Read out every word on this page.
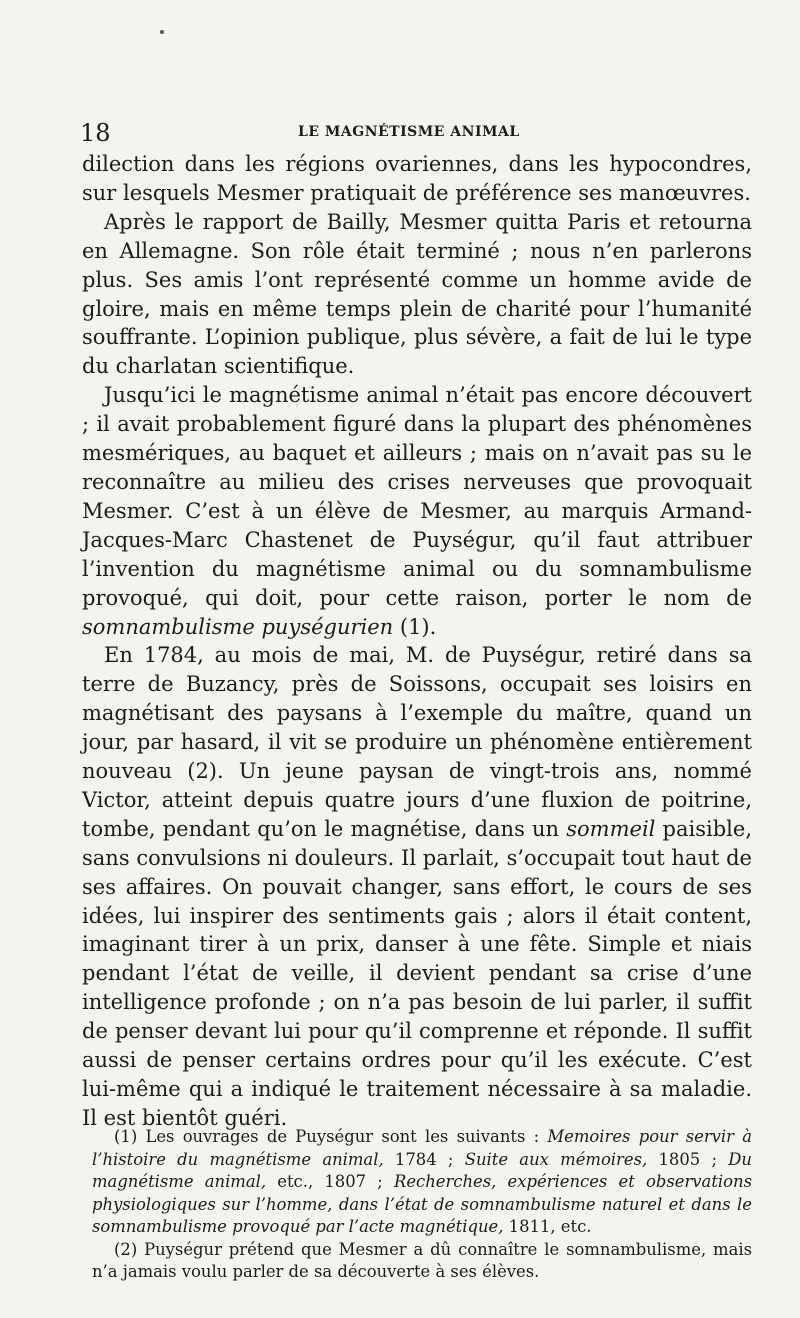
18	LE MAGNÉTISME ANIMAL

dilection dans les régions ovariennes, dans les hypocondres, sur lesquels Mesmer pratiquait de préférence ses manœuvres.

Après le rapport de Bailly, Mesmer quitta Paris et retourna en Allemagne. Son rôle était terminé ; nous n’en parlerons plus. Ses amis l’ont représenté comme un homme avide de gloire, mais en même temps plein de charité pour l’humanité souffrante. L’opinion publique, plus sévère, a fait de lui le type du charlatan scientifique.

Jusqu’ici le magnétisme animal n’était pas encore découvert ; il avait probablement figuré dans la plupart des phénomènes mesmériques, au baquet et ailleurs ; mais on n’avait pas su le reconnaître au milieu des crises nerveuses que provoquait Mesmer. C’est à un élève de Mesmer, au marquis Armand-Jacques-Marc Chastenet de Puységur, qu’il faut attribuer l’invention du magnétisme animal ou du somnambulisme provoqué, qui doit, pour cette raison, porter le nom de somnambulisme puységurien (1).

En 1784, au mois de mai, M. de Puységur, retiré dans sa terre de Buzancy, près de Soissons, occupait ses loisirs en magnétisant des paysans à l’exemple du maître, quand un jour, par hasard, il vit se produire un phénomène entièrement nouveau (2). Un jeune paysan de vingt-trois ans, nommé Victor, atteint depuis quatre jours d’une fluxion de poitrine, tombe, pendant qu’on le magnétise, dans un sommeil paisible, sans convulsions ni douleurs. Il parlait, s’occupait tout haut de ses affaires. On pouvait changer, sans effort, le cours de ses idées, lui inspirer des sentiments gais ; alors il était content, imaginant tirer à un prix, danser à une fête. Simple et niais pendant l’état de veille, il devient pendant sa crise d’une intelligence profonde ; on n’a pas besoin de lui parler, il suffit de penser devant lui pour qu’il comprenne et réponde. Il suffit aussi de penser certains ordres pour qu’il les exécute. C’est lui-même qui a indiqué le traitement nécessaire à sa maladie. Il est bientôt guéri.

(1) Les ouvrages de Puységur sont les suivants : Memoires pour servir à l’histoire du magnétisme animal, 1784 ; Suite aux mémoires, 1805 ; Du magnétisme animal, etc., 1807 ; Recherches, expériences et observations physiologiques sur l’homme, dans l’état de somnambulisme naturel et dans le somnambulisme provoqué par l’acte magnétique, 1811, etc.

(2) Puységur prétend que Mesmer a dû connaître le somnambulisme, mais n’a jamais voulu parler de sa découverte à ses élèves.
